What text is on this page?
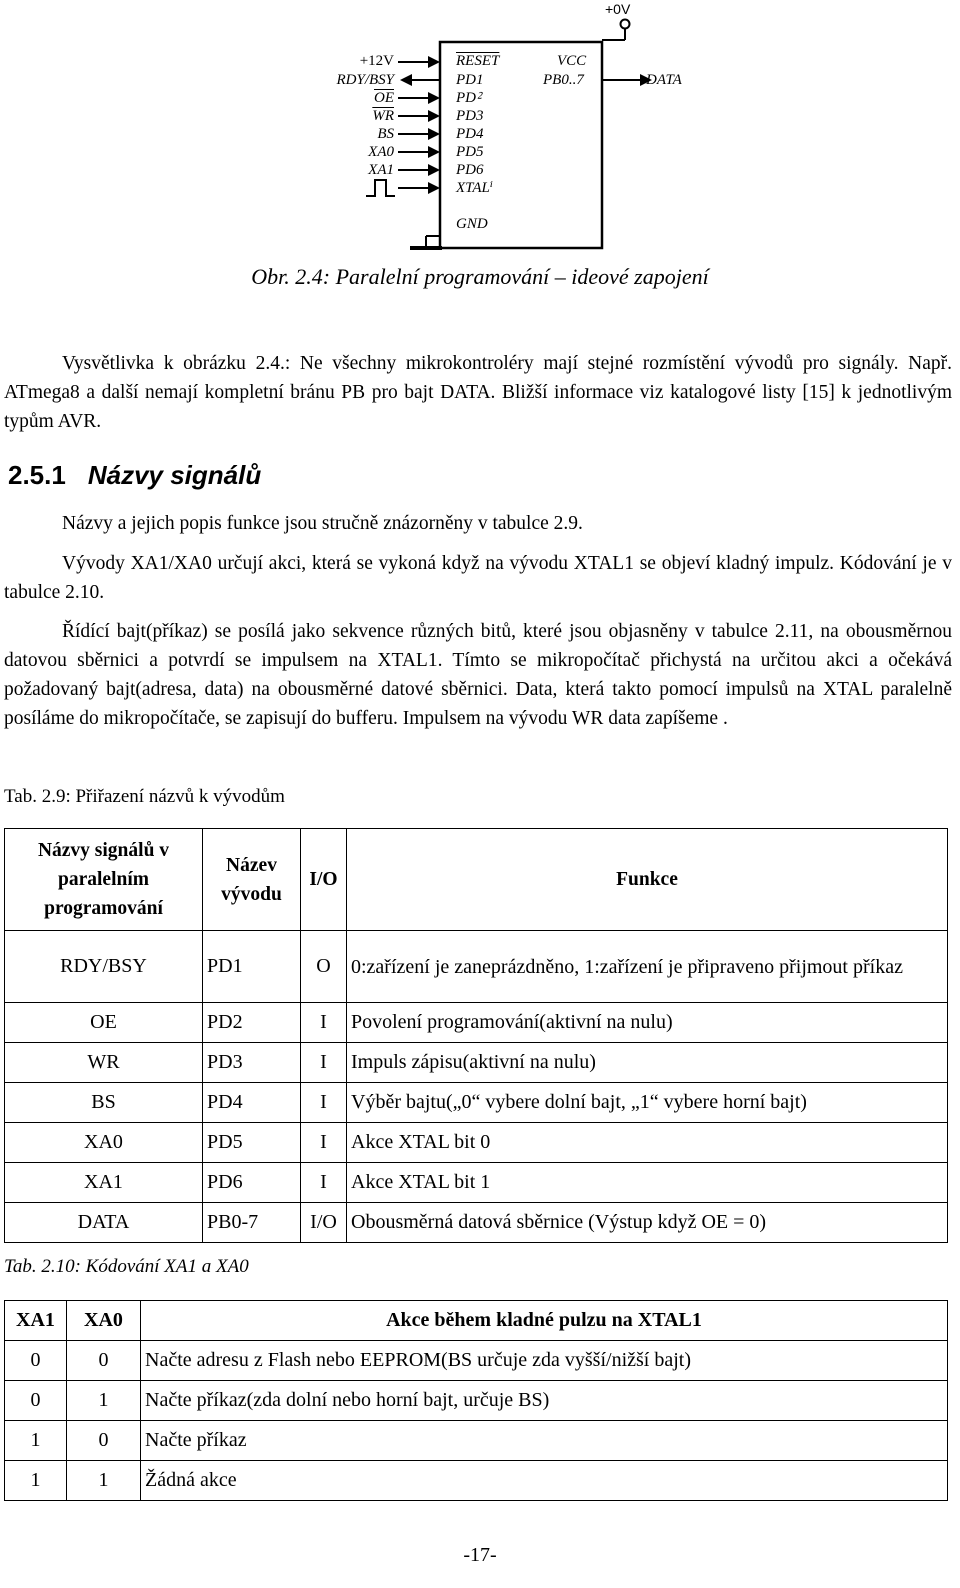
+0V
+12V
RDY/BSY
$\overline{OE}$
$\overline{WR}$
BS
XA0
XA1
RESET
PD1
PD⁲
PD3
PD4
PD5
PD6
XTALⁱ
VCC
PB0..7
GND
DATA
Obr. 2.4: Paralelní programování – ideové zapojení
Vysvětlivka k obrázku 2.4.: Ne všechny mikrokontroléry mají stejné rozmístění vývodů pro signály. Např. ATmega8 a další nemají kompletní bránu PB pro bajt DATA. Bližší informace viz katalogové listy [15] k jednotlivým typům AVR.
2.5.1 Názvy signálů
Názvy a jejich popis funkce jsou stručně znázorněny v tabulce 2.9.
Vývody XA1/XA0 určují akci, která se vykoná když na vývodu XTAL1 se objeví kladný impulz. Kódování je v tabulce 2.10.
Řídící bajt(příkaz) se posílá jako sekvence různých bitů, které jsou objasněny v tabulce 2.11, na obousměrnou datovou sběrnici a potvrdí se impulsem na XTAL1. Tímto se mikropočítač přichystá na určitou akci a očekává požadovaný bajt(adresa, data) na obousměrné datové sběrnici. Data, která takto pomocí impulsů na XTAL paralelně posíláme do mikropočítače, se zapisují do bufferu. Impulsem na vývodu WR data zapíšeme .
Tab. 2.9: Přiřazení názvů k vývodům
Názvy signálů v paralelním programování	Název vývodu	I/O	Funkce
RDY/BSY	PD1	O	0:zařízení je zaneprázdněno, 1:zařízení je připraveno přijmout příkaz
OE	PD2	I	Povolení programování(aktivní na nulu)
WR	PD3	I	Impuls zápisu(aktivní na nulu)
BS	PD4	I	Výběr bajtu(„0“ vybere dolní bajt, „1“ vybere horní bajt)
XA0	PD5	I	Akce XTAL bit 0
XA1	PD6	I	Akce XTAL bit 1
DATA	PB0-7	I/O	Obousměrná datová sběrnice (Výstup když OE = 0)
Tab. 2.10: Kódování XA1 a XA0
XA1	XA0	Akce během kladné pulzu na XTAL1
0	0	Načte adresu z Flash nebo EEPROM(BS určuje zda vyšší/nižší bajt)
0	1	Načte příkaz(zda dolní nebo horní bajt, určuje BS)
1	0	Načte příkaz
1	1	Žádná akce
-17-
